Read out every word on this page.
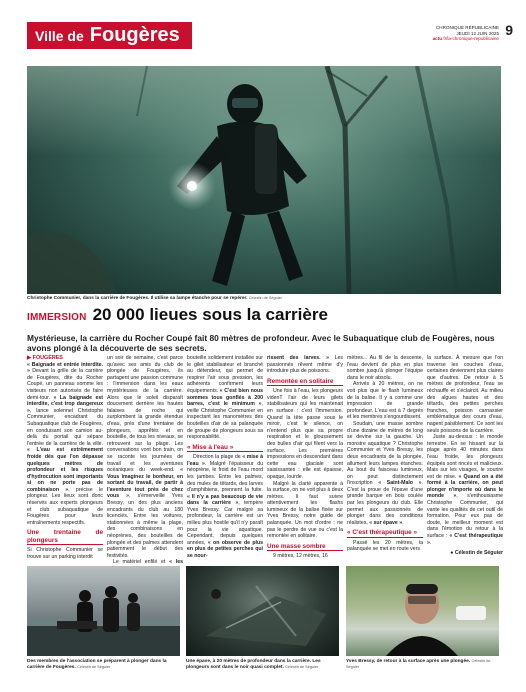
Ville de Fougères	CHRONIQUE RÉPUBLICAINE
JEUDI 12 JUIN 2025
actu.fr/la-chronique-republicaine
9
Christophe Communier, dans la carrière de Fougères. Il utilise sa lampe étanche pour se repérer. Célestin de Séguier
IMMERSION 20 000 lieues sous la carrière
Mystérieuse, la carrière du Rocher Coupé fait 80 mètres de profondeur. Avec le Subaquatique club de Fougères, nous avons plongé à la découverte de ses secrets.

▶ FOUGÈRES

« Baignade et entrée interdite. » Devant la grille de la carrière de Fougères, dite du Rocher Coupé, un panneau somme les visiteurs non autorisés de faire demi-tour. « La baignade est interdite, c'est trop dangereux », lance solennel Christophe Communier, encadrant du Subaquatique club de Fougères, en conduisant son camion au-delà du portail qui sépare l'entrée de la carrière de la ville. « L'eau est extrêmement froide dès que l'on dépasse quelques mètres de profondeur et les risques d'hydrocution sont importants si on ne porte pas de combinaison », précise le plongeur. Les lieux sont donc réservés aux experts plongeurs et club subaquatique de Fougères pour leurs entraînements respectifs.

Une trentaine de plongeurs

Si Christophe Communier se trouve sur un parking interdit

un soir de semaine, c'est parce qu'avec ses amis du club de plongée de Fougères, ils partagent une passion commune : l'immersion dans les eaux mystérieuses de la carrière. Alors que le soleil disparaît doucement derrière les hautes falaises de roche qui surplombent la grande étendue d'eau, près d'une trentaine de plongeurs, apprêtés et en bouteille, de tous les niveaux, se retrouvent sur la plage. Les conversations vont bon train, on se raconte les journées de travail et les aventures océaniques du week-end. « Vous imaginez le bonheur, en sortant du travail, de partir à l'aventure tout près de chez vous », s'émerveille Yves Bressy, un des plus anciens encadrants du club au 180 licenciés. Entre les voitures, stationnées à même la plage, des combinaisons en néoprènes, des bouteilles de plongée et des palmes attendent patiemment le début des festivités.

Le matériel enfilé et « les

bouteille solidement installée sur le gilet stabilisateur et branché au détendeur, qui permet de respirer l'air sous pression, les adhérents confirment leurs équipements. « C'est bien nous sommes tous gonflés à 200 barres, c'est le minimum », veille Christophe Communier en inspectant les manomètres des bouteilles d'air de sa palanquée de groupe de plongeurs sous sa responsabilité.

« Mise à l'eau »

Direction la plage de « mise à l'eau ». Malgré l'épaisseur du néoprène, le froid de l'eau mord les jambes. Entre les palmes, des mules de têtards, des larves d'amphibiens, prennent la fuite. « Il n'y a pas beaucoup de vie dans la carrière », tempère Yves Bressy. Car malgré sa profondeur, la carrière est un milieu plus hostile qu'il n'y paraît pour la vie aquatique. Cependant, depuis quelques années, « on observe de plus en plus de petites perches qui se nour-

rissent des larves. » Les passionnés rêvent même d'y introduire plus de poissons.

Remontée en solitaire

Une fois à l'eau, les plongeurs videnT l'air de leurs gilets stabilisateurs qui les maintenait en surface : c'est l'immersion. Quand la tête passe sous le miroir, c'est le silence, on n'entend plus que sa propre respiration et le gloussement des bulles d'air qui filent vers la surface. Les premières impressions en descendant dans cette eau glaciale sont saisissantes : elle est épaisse, opaque, lourde.

Malgré la clarté apparente à la surface, on ne voit plus à deux mètres. Il faut suivre attentivement les flashs lumineux de la balise fixée sur Yves Bressy, notre guide de palanquée. Un mot d'ordre : ne pas le perdre de vue ou c'est la remontée en solitaire.

Une masse sombre

9 mètres, 12 mètres, 16

mètres... Au fil de la descente, l'eau devient de plus en plus sombre jusqu'à plonger l'équipe dans le noir absolu.

Arrivés à 20 mètres, on ne voit plus que le flash lumineux de la balise. Il y a comme une impression de grande profondeur. L'eau est à 7 degrés et les membres s'engourdissent.

Soudain, une masse sombre d'une dizaine de mètres de long se devine sur la gauche. Un monstre aquatique ? Christophe Communier et Yves Bressy, les deux encadrants de la plongée, allument leurs lampes étanches. Au bout du faisceau lumineux, on peut distinctement l'inscription « Saint-Malo ». C'est la proue de l'épave d'une grande barque en bois coulée par les plongeurs du club. Elle permet aux passionnés de plonger dans des conditions réalistes, « sur épave ».

« C'est thérapeutique »

Passé les 20 mètres, la palanquée se met en route vers

la surface. À mesure que l'on traverse les couches d'eau, certaines deviennent plus claires que d'autres. De retour à 5 mètres de profondeur, l'eau se réchauffe et s'éclaircit. Au milieu des algues hautes et des têtards, des petites perches franches, poisson carnassier emblématique des cours d'eau, nagent paisiblement. Ce sont les seuls poissons de la carrière.

Juste au-dessus : le monde terrestre. En se hissant sur la plage après 40 minutes dans l'eau froide, les plongeurs équipés sont rincés et malicieux. Mais sur les visages, le sourire est de mise. « Quand on a été formé à la carrière, on peut plonger n'importe où dans le monde », s'enthousiasme Christophe Communier, qui vante les qualités de cet outil de formation. Pour eux pas de doute, le meilleur moment est dans l'émotion du retour à la surface : « C'est thérapeutique ».

● Célestin de Séguier
Des membres de l'association se préparent à plonger dans la carrière de Fougères. Célestin de Séguier
Une épave, à 20 mètres de profondeur dans la carrière. Les plongeurs sont dans le noir quasi complet. Célestin de Séguier
Yves Bressy, de retour à la surface après une plongée. Célestin de Séguier
